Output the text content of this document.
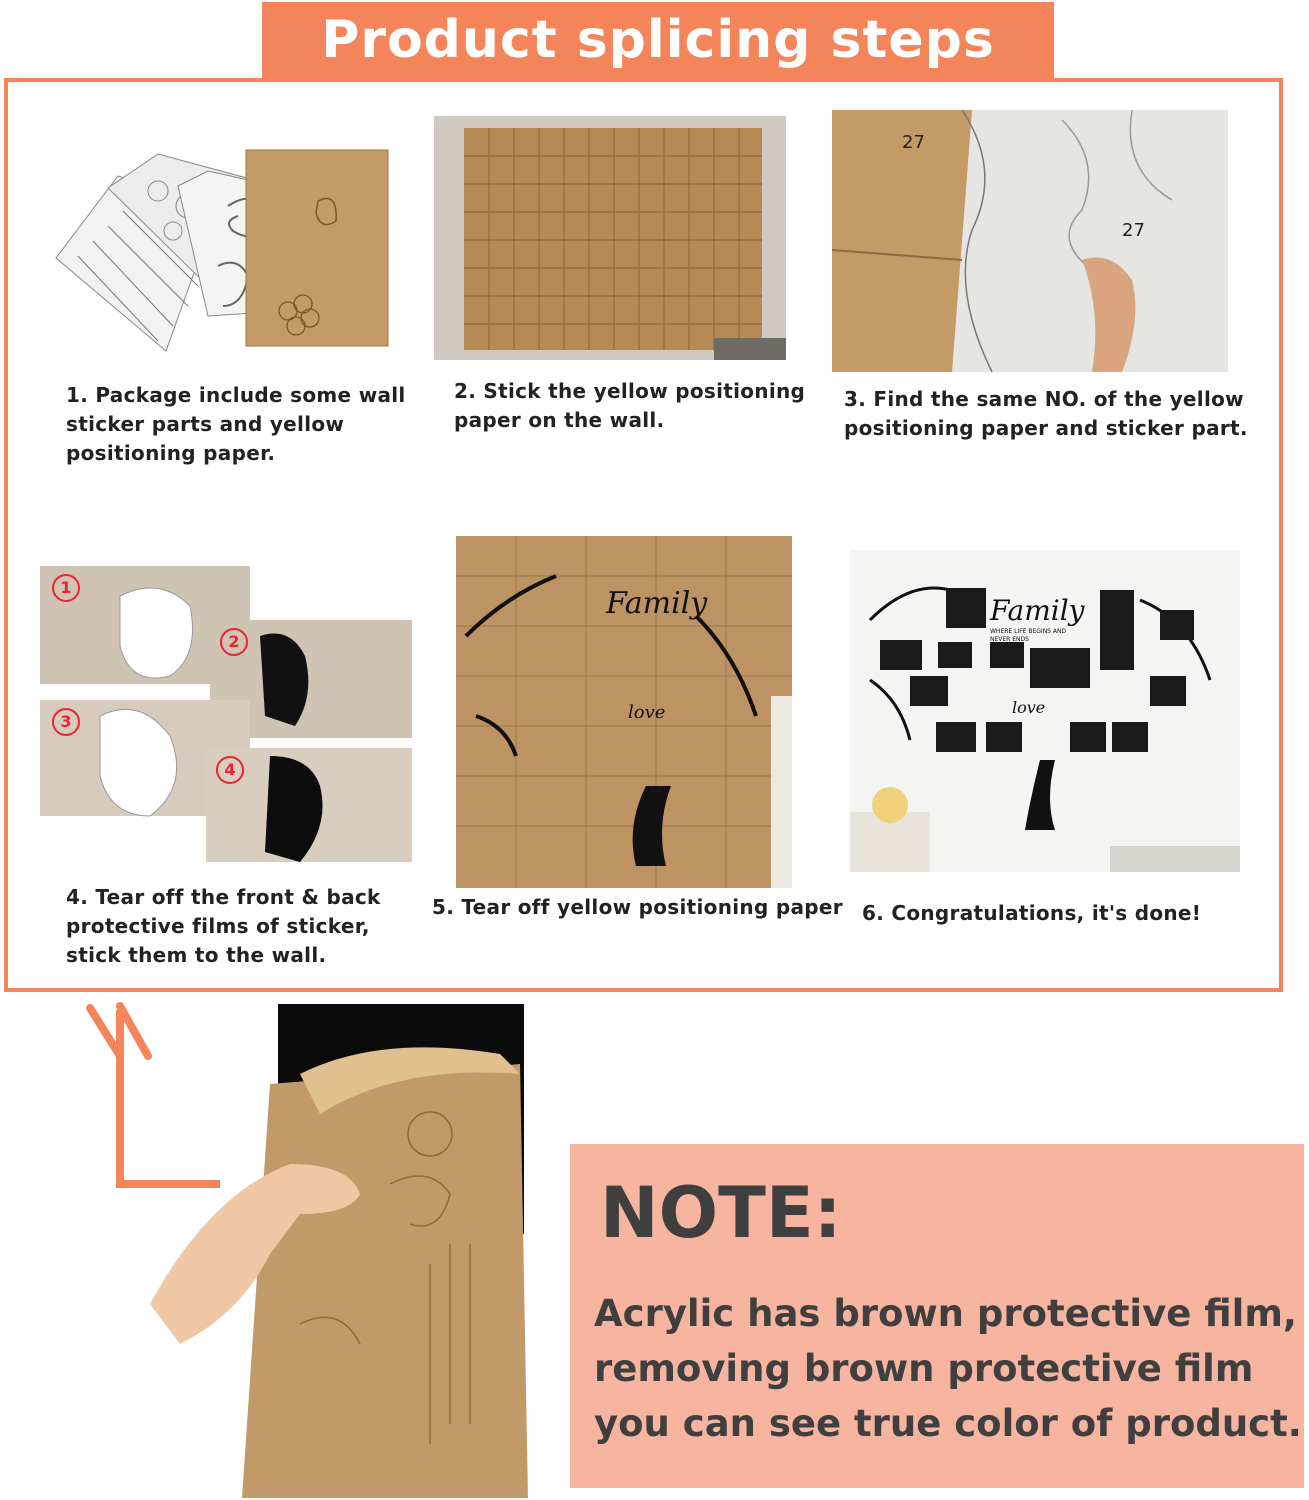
Product splicing steps
1. Package include some wall
sticker parts and yellow
positioning paper.
2. Stick the yellow positioning
paper on the wall.
27
27
3. Find the same NO. of the yellow
positioning paper and sticker part.
1
2
3
4
4. Tear off the front & back
protective films of sticker,
stick them to the wall.
Family
love
5. Tear off yellow positioning paper
Family
WHERE LIFE BEGINS AND
NEVER ENDS
love
6. Congratulations, it's done!
NOTE:
Acrylic has brown protective film,
removing brown protective film
you can see true color of product.
